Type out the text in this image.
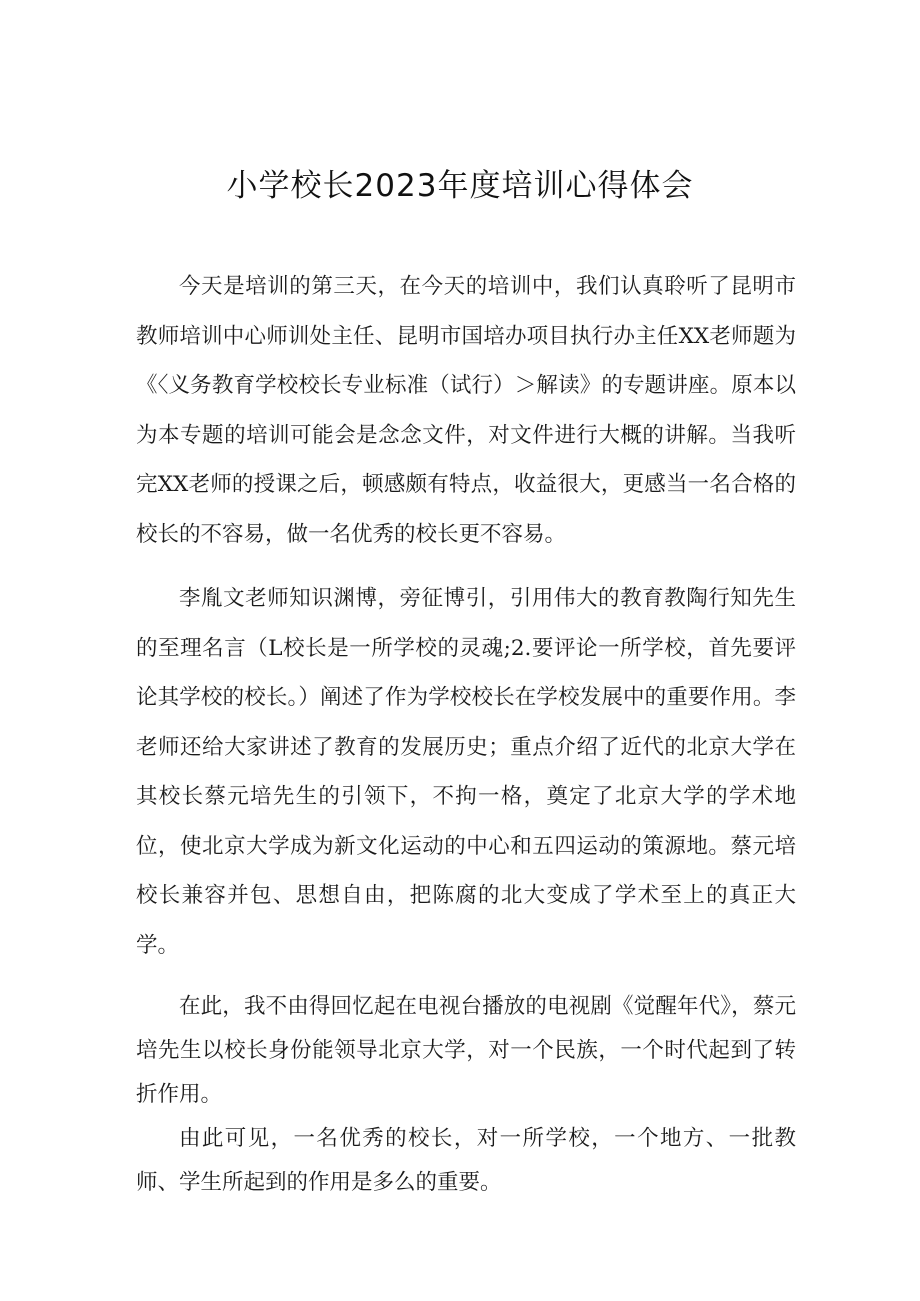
小学校长2023年度培训心得体会

今天是培训的第三天，在今天的培训中，我们认真聆听了昆明市教师培训中心师训处主任、昆明市国培办项目执行办主任XX老师题为《〈义务教育学校校长专业标准（试行）＞解读》的专题讲座。原本以为本专题的培训可能会是念念文件，对文件进行大概的讲解。当我听完XX老师的授课之后，顿感颇有特点，收益很大，更感当一名合格的校长的不容易，做一名优秀的校长更不容易。

李胤文老师知识渊博，旁征博引，引用伟大的教育教陶行知先生的至理名言（L校长是一所学校的灵魂;2.要评论一所学校，首先要评论其学校的校长。）阐述了作为学校校长在学校发展中的重要作用。李老师还给大家讲述了教育的发展历史；重点介绍了近代的北京大学在其校长蔡元培先生的引领下，不拘一格，奠定了北京大学的学术地位，使北京大学成为新文化运动的中心和五四运动的策源地。蔡元培校长兼容并包、思想自由，把陈腐的北大变成了学术至上的真正大学。

在此，我不由得回忆起在电视台播放的电视剧《觉醒年代》，蔡元培先生以校长身份能领导北京大学，对一个民族，一个时代起到了转折作用。

由此可见，一名优秀的校长，对一所学校，一个地方、一批教师、学生所起到的作用是多么的重要。
